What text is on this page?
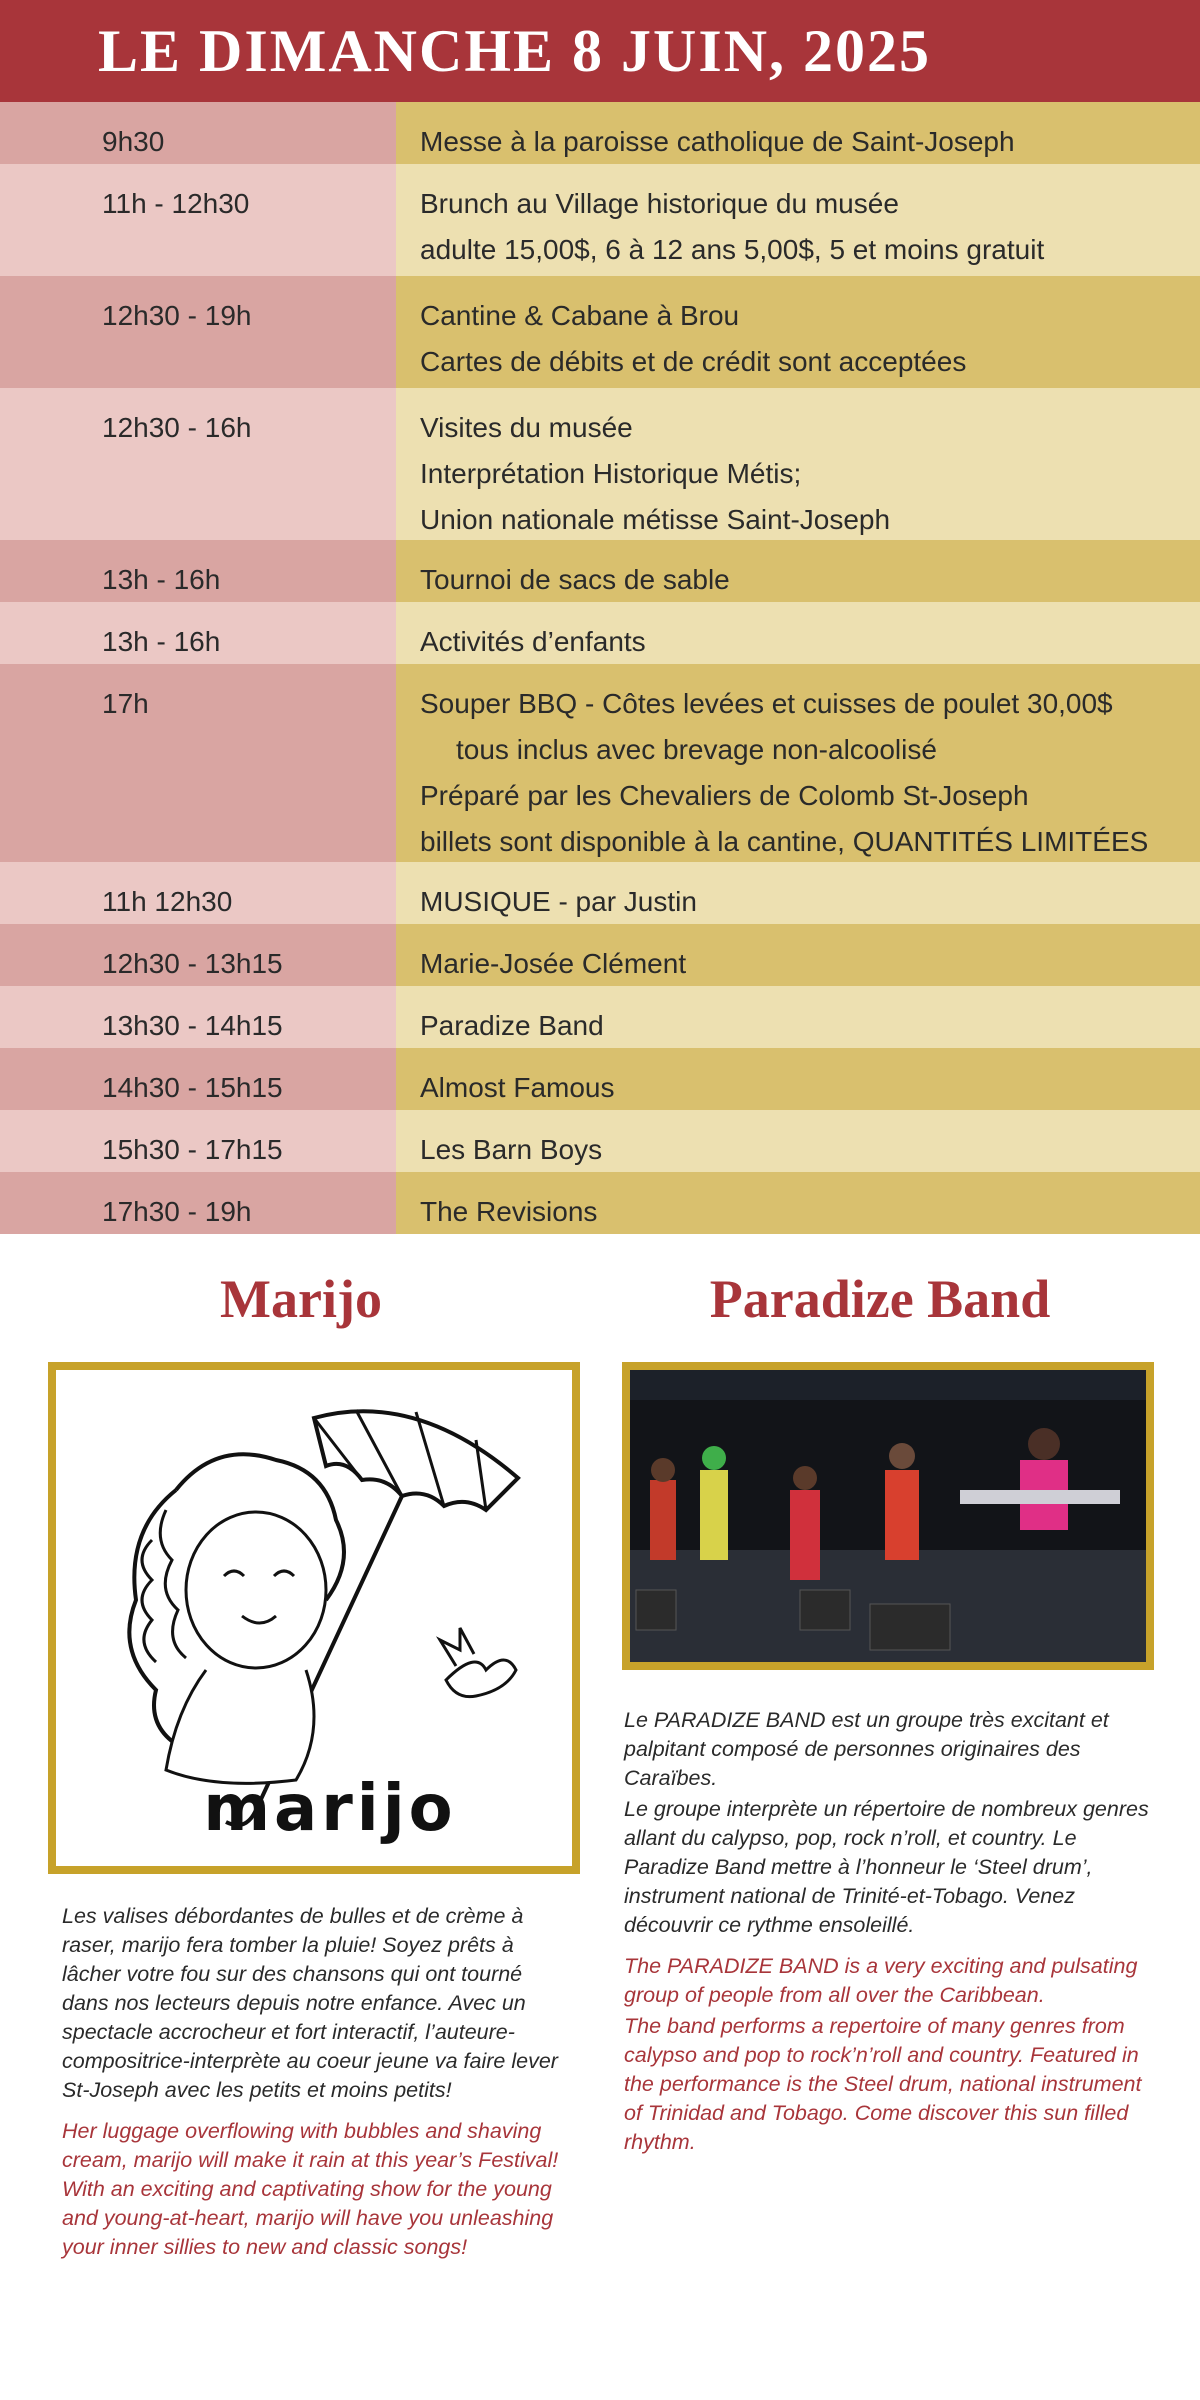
LE DIMANCHE 8 JUIN, 2025
9h30	Messe à la paroisse catholique de Saint-Joseph
11h - 12h30	Brunch au Village historique du musée
adulte 15,00$, 6 à 12 ans 5,00$, 5 et moins gratuit
12h30 - 19h	Cantine & Cabane à Brou
Cartes de débits et de crédit sont acceptées
12h30 - 16h	Visites du musée
Interprétation Historique Métis;
Union nationale métisse Saint-Joseph
13h - 16h	Tournoi de sacs de sable
13h - 16h	Activités d’enfants
17h	Souper BBQ - Côtes levées et cuisses de poulet 30,00$
tous inclus avec brevage non-alcoolisé
Préparé par les Chevaliers de Colomb St-Joseph
billets sont disponible à la cantine, QUANTITÉS LIMITÉES
11h 12h30	MUSIQUE - par Justin
12h30 - 13h15	Marie-Josée Clément
13h30 - 14h15	Paradize Band
14h30 - 15h15	Almost Famous
15h30 - 17h15	Les Barn Boys
17h30 - 19h	The Revisions
Marijo
marijo

Les valises débordantes de bulles et de crème à raser, marijo fera tomber la pluie! Soyez prêts à lâcher votre fou sur des chansons qui ont tourné dans nos lecteurs depuis notre enfance. Avec un spectacle accrocheur et fort interactif, l’auteure-compositrice-interprète au coeur jeune va faire lever St-Joseph avec les petits et moins petits!

Her luggage overflowing with bubbles and shaving cream, marijo will make it rain at this year’s Festival! With an exciting and captivating show for the young and young-at-heart, marijo will have you unleashing your inner sillies to new and classic songs!

Paradize Band

Le PARADIZE BAND est un groupe très excitant et palpitant composé de personnes originaires des Caraïbes.

Le groupe interprète un répertoire de nombreux genres allant du calypso, pop, rock n’roll, et country. Le Paradize Band mettre à l’honneur le ‘Steel drum’, instrument national de Trinité-et-Tobago. Venez découvrir ce rythme ensoleillé.

The PARADIZE BAND is a very exciting and pulsating group of people from all over the Caribbean.

The band performs a repertoire of many genres from calypso and pop to rock’n’roll and country. Featured in the performance is the Steel drum, national instrument of Trinidad and Tobago. Come discover this sun filled rhythm.
